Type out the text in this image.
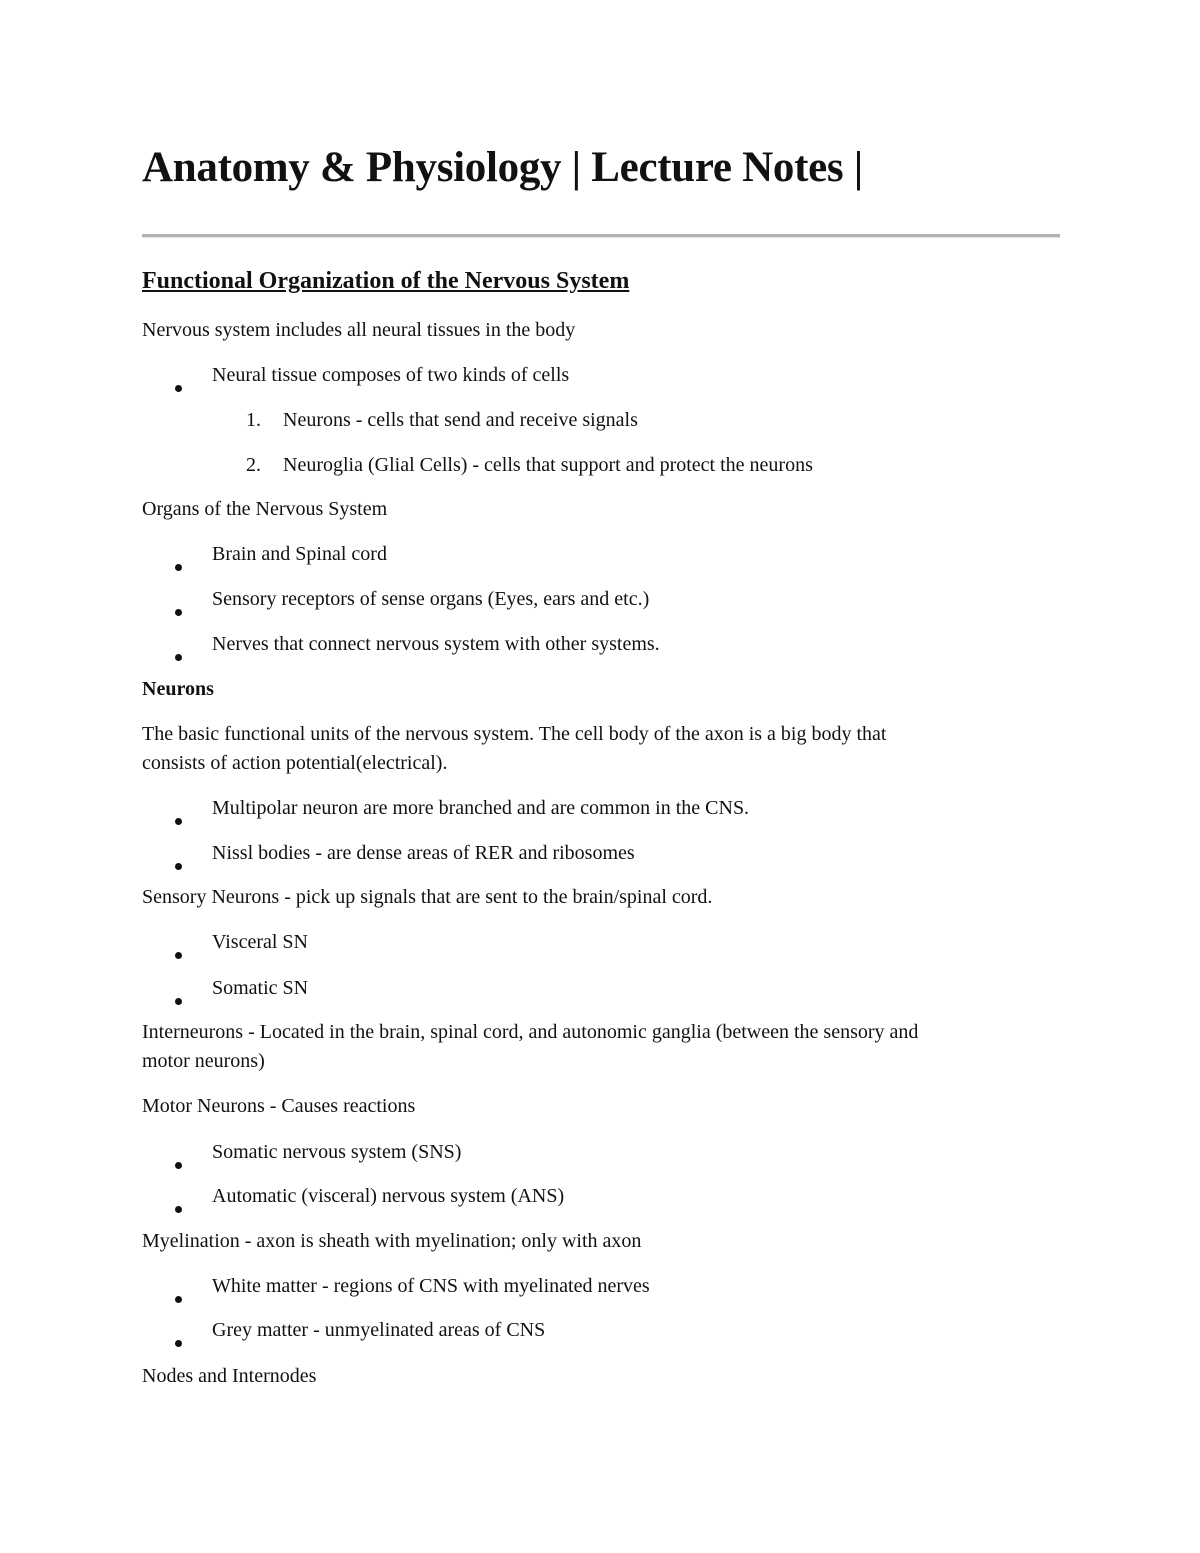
Anatomy & Physiology | Lecture Notes |
Functional Organization of the Nervous System
Nervous system includes all neural tissues in the body
Neural tissue composes of two kinds of cells
1. Neurons - cells that send and receive signals
2. Neuroglia (Glial Cells) - cells that support and protect the neurons
Organs of the Nervous System
Brain and Spinal cord
Sensory receptors of sense organs (Eyes, ears and etc.)
Nerves that connect nervous system with other systems.
Neurons
The basic functional units of the nervous system. The cell body of the axon is a big body that
consists of action potential(electrical).
Multipolar neuron are more branched and are common in the CNS.
Nissl bodies - are dense areas of RER and ribosomes
Sensory Neurons - pick up signals that are sent to the brain/spinal cord.
Visceral SN
Somatic SN
Interneurons - Located in the brain, spinal cord, and autonomic ganglia (between the sensory and
motor neurons)
Motor Neurons - Causes reactions
Somatic nervous system (SNS)
Automatic (visceral) nervous system (ANS)
Myelination - axon is sheath with myelination; only with axon
White matter - regions of CNS with myelinated nerves
Grey matter - unmyelinated areas of CNS
Nodes and Internodes
